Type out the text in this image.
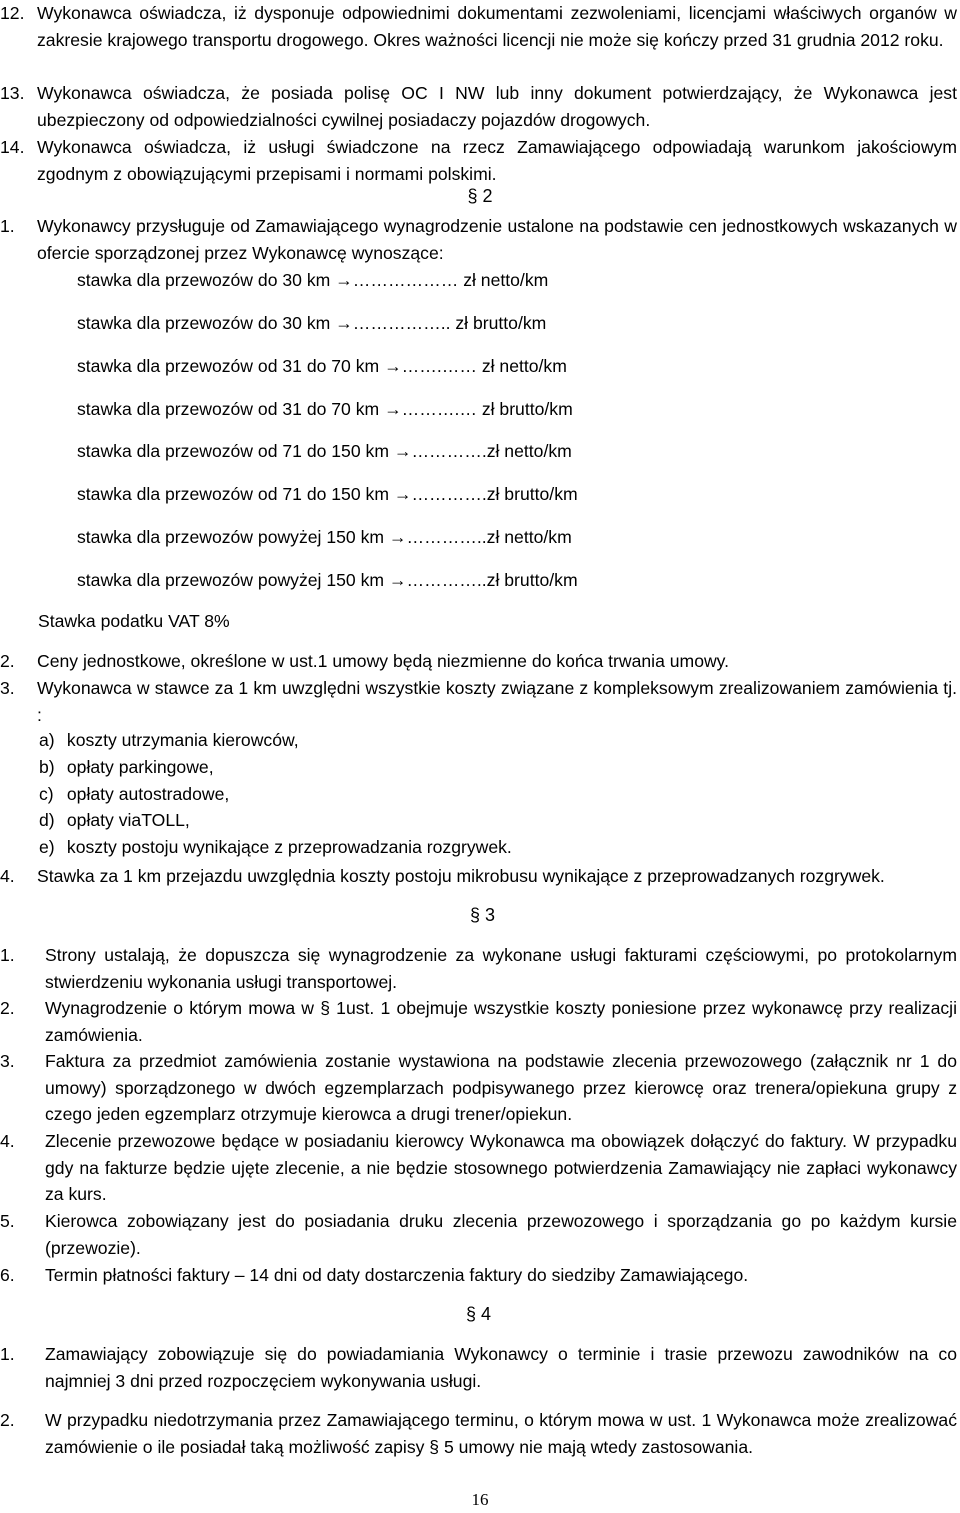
12. Wykonawca oświadcza, iż dysponuje odpowiednimi dokumentami zezwoleniami, licencjami właściwych organów w zakresie krajowego transportu drogowego. Okres ważności licencji nie może się kończy przed 31 grudnia 2012 roku.
13. Wykonawca oświadcza, że posiada polisę OC I NW lub inny dokument potwierdzający, że Wykonawca jest ubezpieczony od odpowiedzialności cywilnej posiadaczy pojazdów drogowych.
14. Wykonawca oświadcza, iż usługi świadczone na rzecz Zamawiającego odpowiadają warunkom jakościowym zgodnym z obowiązującymi przepisami i normami polskimi.
§ 2
1. Wykonawcy przysługuje od Zamawiającego wynagrodzenie ustalone na podstawie cen jednostkowych wskazanych w ofercie sporządzonej przez Wykonawcę wynoszące:
stawka dla przewozów do 30 km →……………… zł netto/km
stawka dla przewozów do 30 km →…………….. zł brutto/km
stawka dla przewozów od 31 do 70 km →…….…… zł netto/km
stawka dla przewozów od 31 do 70 km →……….… zł brutto/km
stawka dla przewozów od 71 do 150 km →………….zł netto/km
stawka dla przewozów od 71 do 150 km →………….zł brutto/km
stawka dla przewozów powyżej 150 km →…………..zł netto/km
stawka dla przewozów powyżej 150 km →…………..zł brutto/km
Stawka podatku VAT 8%
2. Ceny jednostkowe, określone w ust.1 umowy będą niezmienne do końca trwania umowy.
3. Wykonawca w stawce za 1 km uwzględni wszystkie koszty związane z kompleksowym zrealizowaniem zamówienia tj. :
a) koszty utrzymania kierowców,
b) opłaty parkingowe,
c) opłaty autostradowe,
d) opłaty viaTOLL,
e) koszty postoju wynikające z przeprowadzania rozgrywek.
4. Stawka za 1 km przejazdu uwzględnia koszty postoju mikrobusu wynikające z przeprowadzanych rozgrywek.
§ 3
1. Strony ustalają, że dopuszcza się wynagrodzenie za wykonane usługi fakturami częściowymi, po protokolarnym stwierdzeniu wykonania usługi transportowej.
2. Wynagrodzenie o którym mowa w § 1ust. 1 obejmuje wszystkie koszty poniesione przez wykonawcę przy realizacji zamówienia.
3. Faktura za przedmiot zamówienia zostanie wystawiona na podstawie zlecenia przewozowego (załącznik nr 1 do umowy) sporządzonego w dwóch egzemplarzach podpisywanego przez kierowcę oraz trenera/opiekuna grupy z czego jeden egzemplarz otrzymuje kierowca a drugi trener/opiekun.
4. Zlecenie przewozowe będące w posiadaniu kierowcy Wykonawca ma obowiązek dołączyć do faktury. W przypadku gdy na fakturze będzie ujęte zlecenie, a nie będzie stosownego potwierdzenia Zamawiający nie zapłaci wykonawcy za kurs.
5. Kierowca zobowiązany jest do posiadania druku zlecenia przewozowego i sporządzania go po każdym kursie (przewozie).
6. Termin płatności faktury – 14 dni od daty dostarczenia faktury do siedziby Zamawiającego.
§ 4
1. Zamawiający zobowiązuje się do powiadamiania Wykonawcy o terminie i trasie przewozu zawodników na co najmniej 3 dni przed rozpoczęciem wykonywania usługi.
2. W przypadku niedotrzymania przez Zamawiającego terminu, o którym mowa w ust. 1 Wykonawca może zrealizować zamówienie o ile posiadał taką możliwość zapisy § 5 umowy nie mają wtedy zastosowania.
16
